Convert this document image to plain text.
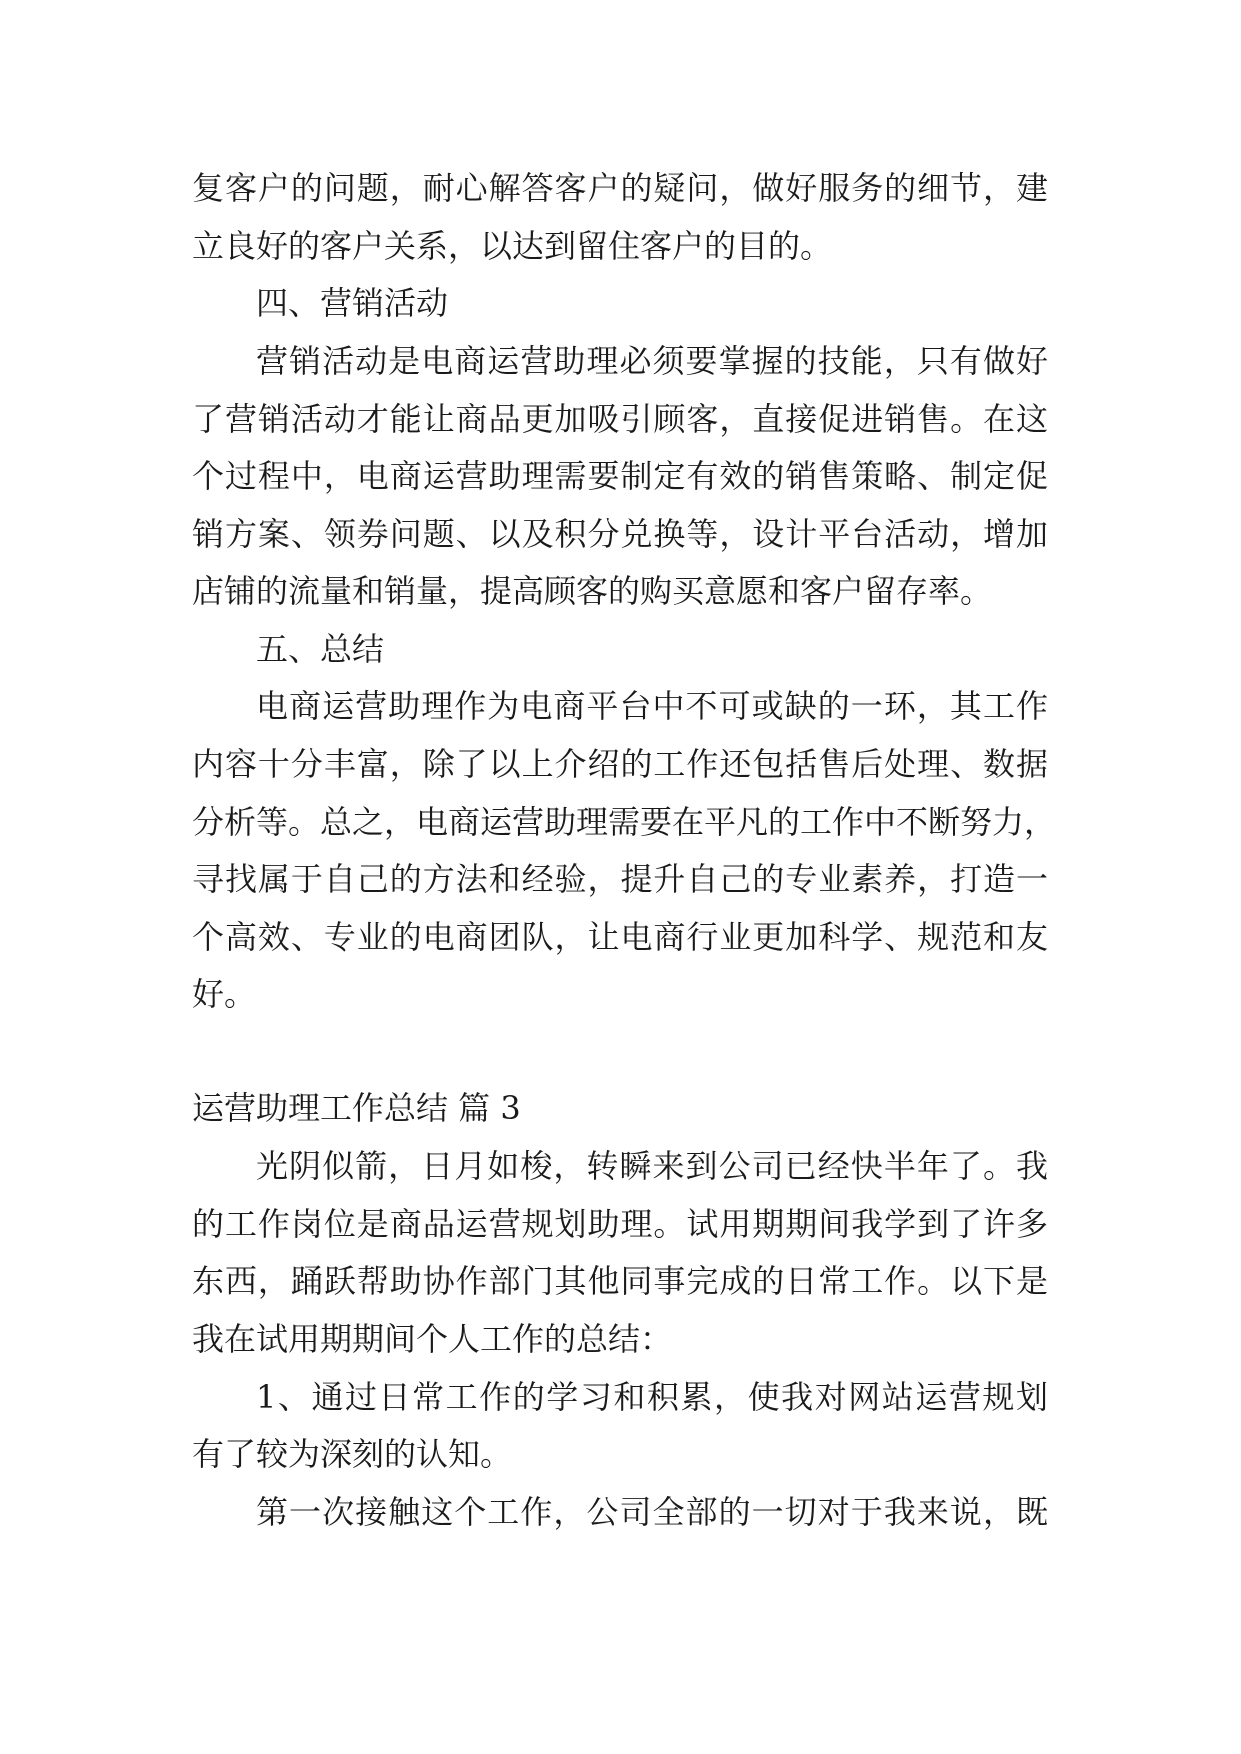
复客户的问题，耐心解答客户的疑问，做好服务的细节，建
立良好的客户关系，以达到留住客户的目的。
四、营销活动
营销活动是电商运营助理必须要掌握的技能，只有做好
了营销活动才能让商品更加吸引顾客，直接促进销售。在这
个过程中，电商运营助理需要制定有效的销售策略、制定促
销方案、领券问题、以及积分兑换等，设计平台活动，增加
店铺的流量和销量，提高顾客的购买意愿和客户留存率。
五、总结
电商运营助理作为电商平台中不可或缺的一环，其工作
内容十分丰富，除了以上介绍的工作还包括售后处理、数据
分析等。总之，电商运营助理需要在平凡的工作中不断努力，
寻找属于自己的方法和经验，提升自己的专业素养，打造一
个高效、专业的电商团队，让电商行业更加科学、规范和友
好。
运营助理工作总结 篇 3
光阴似箭，日月如梭，转瞬来到公司已经快半年了。我
的工作岗位是商品运营规划助理。试用期期间我学到了许多
东西，踊跃帮助协作部门其他同事完成的日常工作。以下是
我在试用期期间个人工作的总结：
1、通过日常工作的学习和积累，使我对网站运营规划
有了较为深刻的认知。
第一次接触这个工作，公司全部的一切对于我来说，既
